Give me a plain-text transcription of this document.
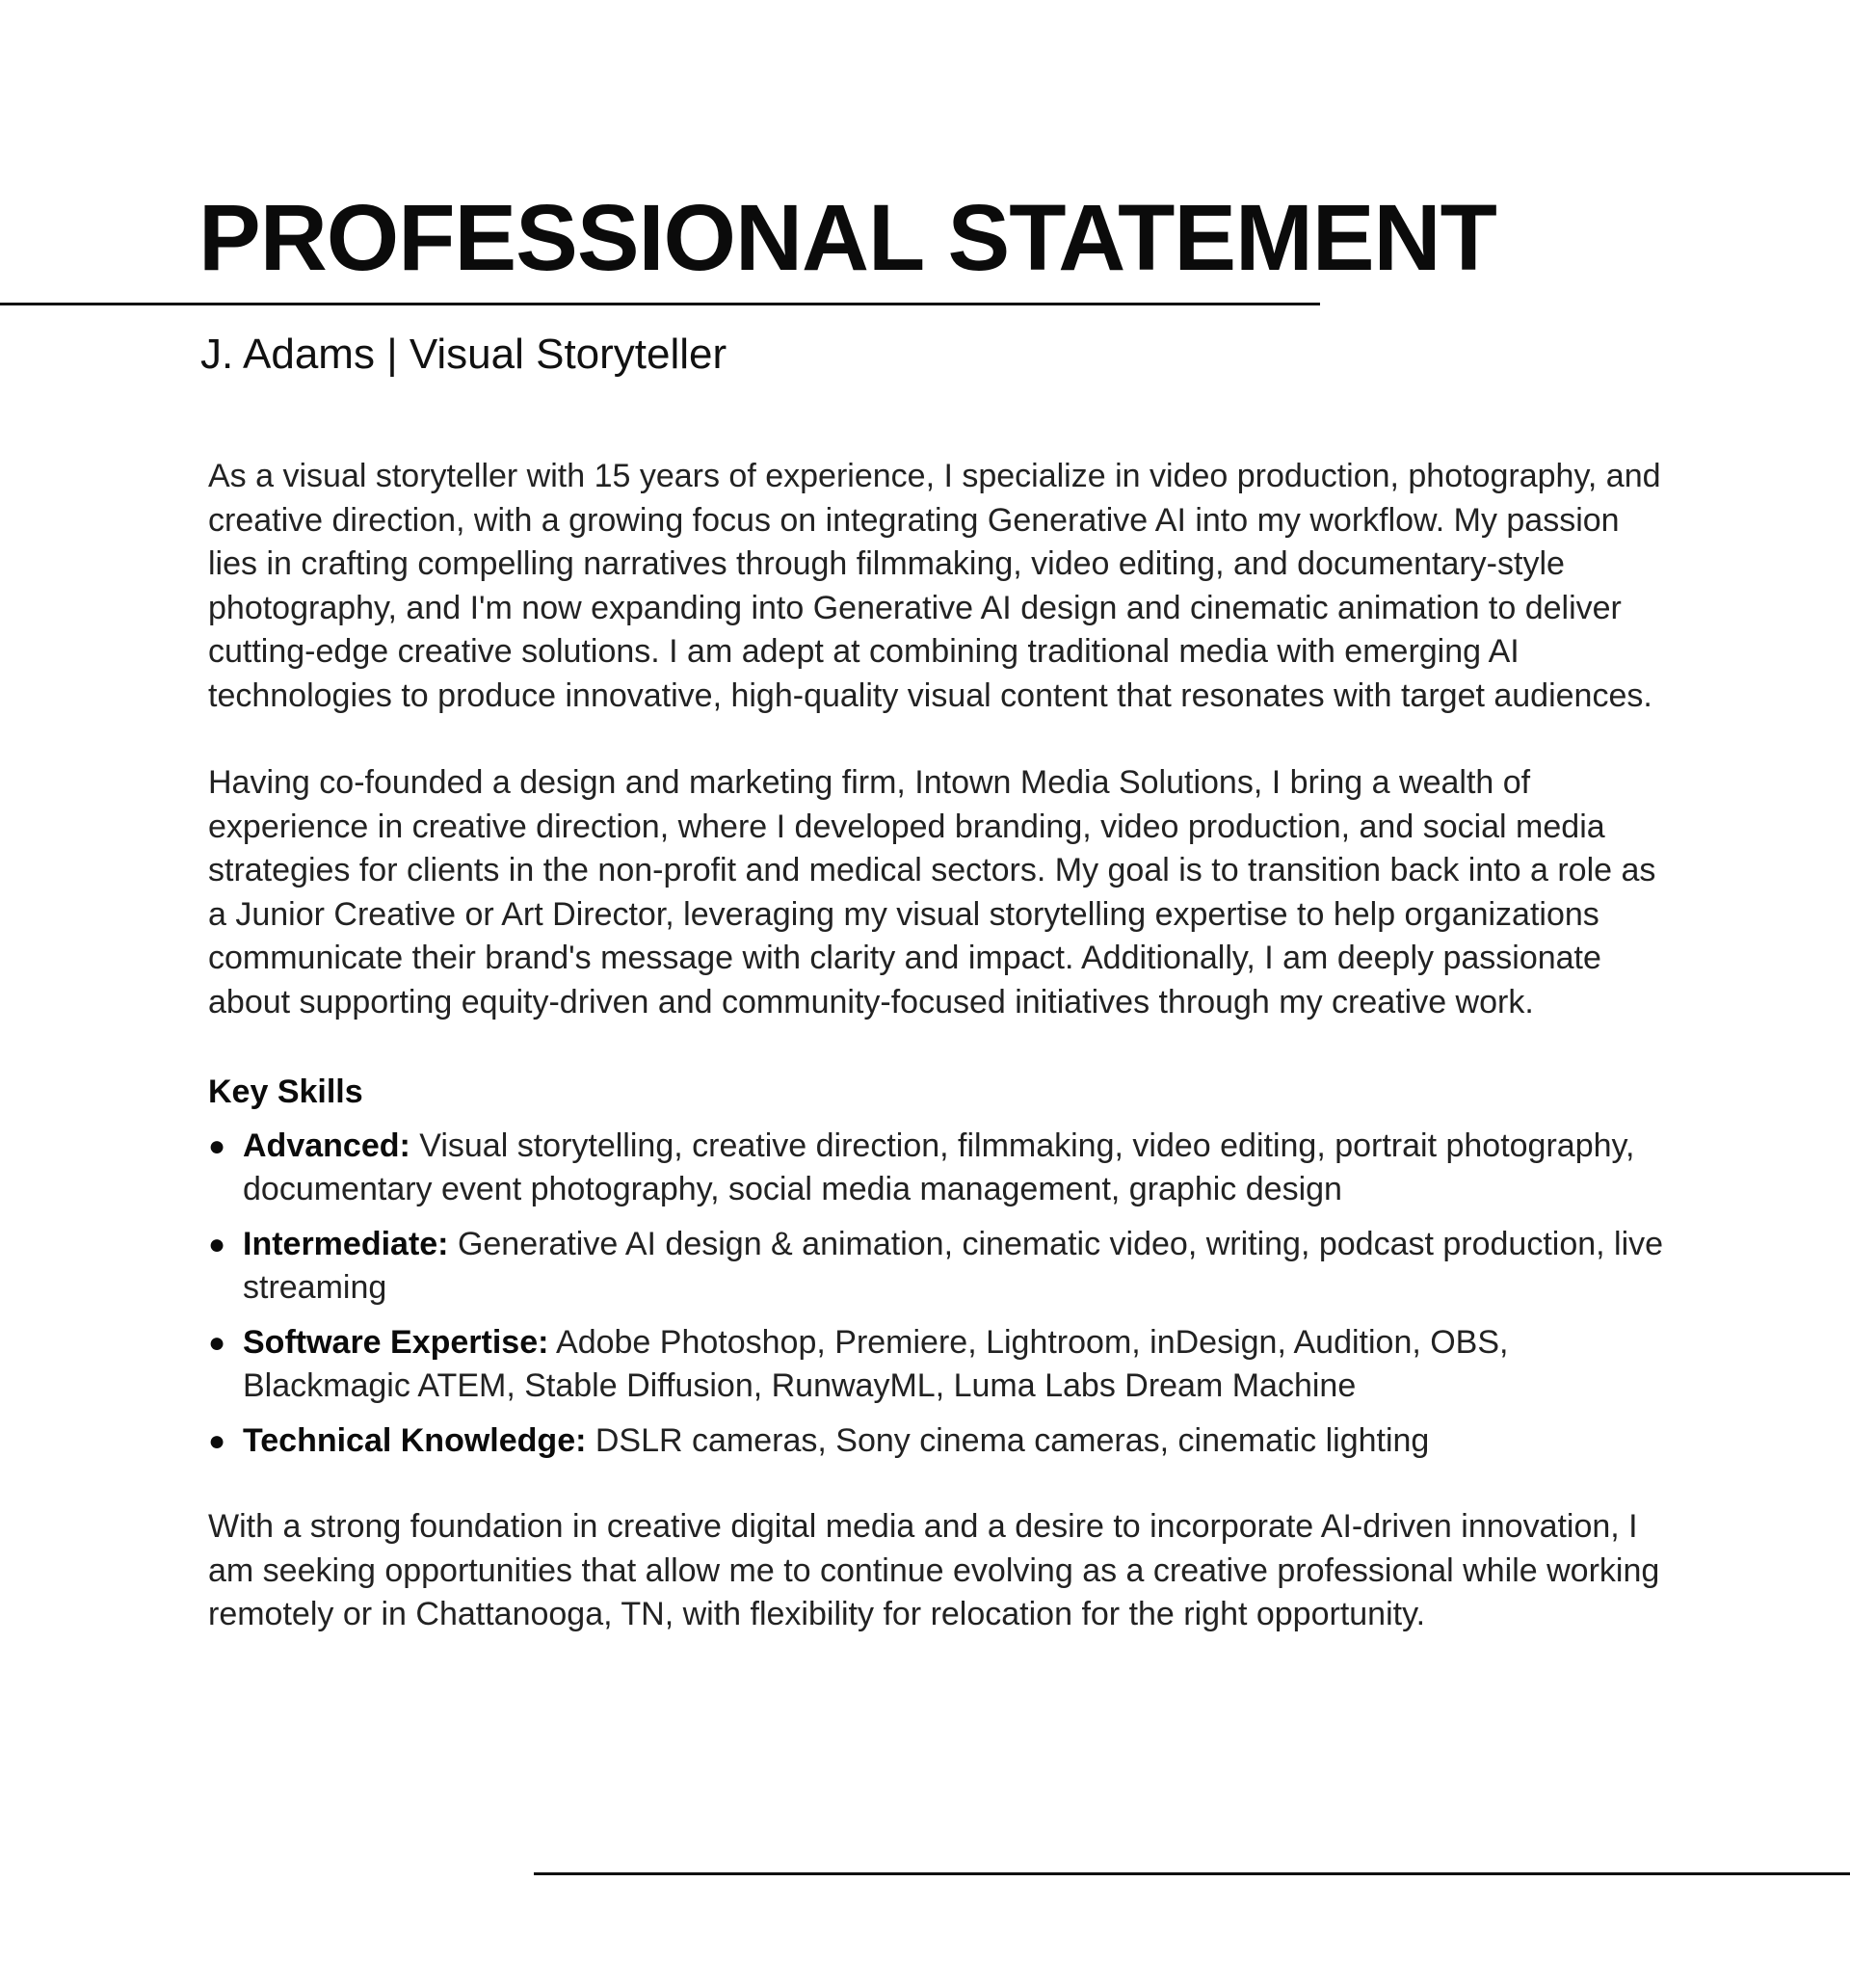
PROFESSIONAL STATEMENT
J. Adams | Visual Storyteller

As a visual storyteller with 15 years of experience, I specialize in video production, photography, and creative direction, with a growing focus on integrating Generative AI into my workflow. My passion lies in crafting compelling narratives through filmmaking, video editing, and documentary-style photography, and I'm now expanding into Generative AI design and cinematic animation to deliver cutting-edge creative solutions. I am adept at combining traditional media with emerging AI technologies to produce innovative, high-quality visual content that resonates with target audiences.

Having co-founded a design and marketing firm, Intown Media Solutions, I bring a wealth of experience in creative direction, where I developed branding, video production, and social media strategies for clients in the non-profit and medical sectors. My goal is to transition back into a role as a Junior Creative or Art Director, leveraging my visual storytelling expertise to help organizations communicate their brand's message with clarity and impact. Additionally, I am deeply passionate about supporting equity-driven and community-focused initiatives through my creative work.

Key Skills

● Advanced: Visual storytelling, creative direction, filmmaking, video editing, portrait photography, documentary event photography, social media management, graphic design
● Intermediate: Generative AI design & animation, cinematic video, writing, podcast production, live streaming
● Software Expertise: Adobe Photoshop, Premiere, Lightroom, inDesign, Audition, OBS, Blackmagic ATEM, Stable Diffusion, RunwayML, Luma Labs Dream Machine
● Technical Knowledge: DSLR cameras, Sony cinema cameras, cinematic lighting

With a strong foundation in creative digital media and a desire to incorporate AI-driven innovation, I am seeking opportunities that allow me to continue evolving as a creative professional while working remotely or in Chattanooga, TN, with flexibility for relocation for the right opportunity.
